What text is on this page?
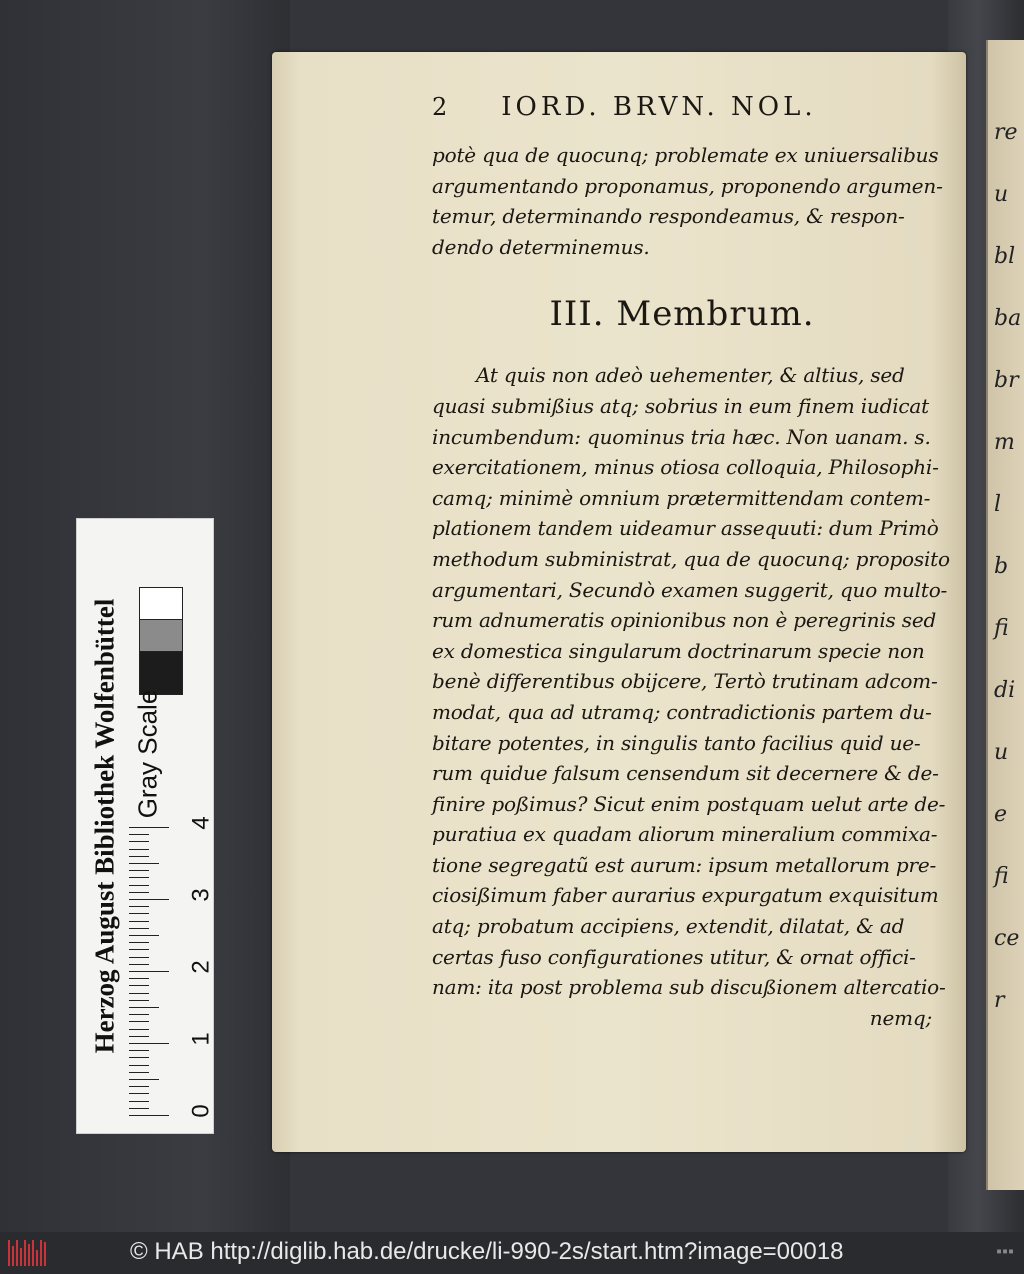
re
u
bl
ba
br
m
l
b
fi
di
u
e
fi
ce
r
2 IORD. BRVN. NOL.
potè qua de quocunq; problemate ex uniuersalibus
argumentando proponamus, proponendo argumen-
temur, determinando respondeamus, & respon-
dendo determinemus.
III. Membrum.
At quis non adeò uehementer, & altius, sed
quasi submißius atq; sobrius in eum finem iudicat
incumbendum: quominus tria hæc. Non uanam. s.
exercitationem, minus otiosa colloquia, Philosophi-
camq; minimè omnium prætermittendam contem-
plationem tandem uideamur assequuti: dum Primò
methodum subministrat, qua de quocunq; proposito
argumentari, Secundò examen suggerit, quo multo-
rum adnumeratis opinionibus non è peregrinis sed
ex domestica singularum doctrinarum specie non
benè differentibus obijcere, Tertò trutinam adcom-
modat, qua ad utramq; contradictionis partem du-
bitare potentes, in singulis tanto facilius quid ue-
rum quidue falsum censendum sit decernere & de-
finire poßimus? Sicut enim postquam uelut arte de-
puratiua ex quadam aliorum mineralium commixa-
tione segregatũ est aurum: ipsum metallorum pre-
ciosißimum faber aurarius expurgatum exquisitum
atq; probatum accipiens, extendit, dilatat, & ad
certas fuso configurationes utitur, & ornat offici-
nam: ita post problema sub discußionem altercatio-
nemq;
Herzog August Bibliothek Wolfenbüttel Gray Scale
0
1
2
3
4
© HAB http://diglib.hab.de/drucke/li-990-2s/start.htm?image=00018	▪▪▪
